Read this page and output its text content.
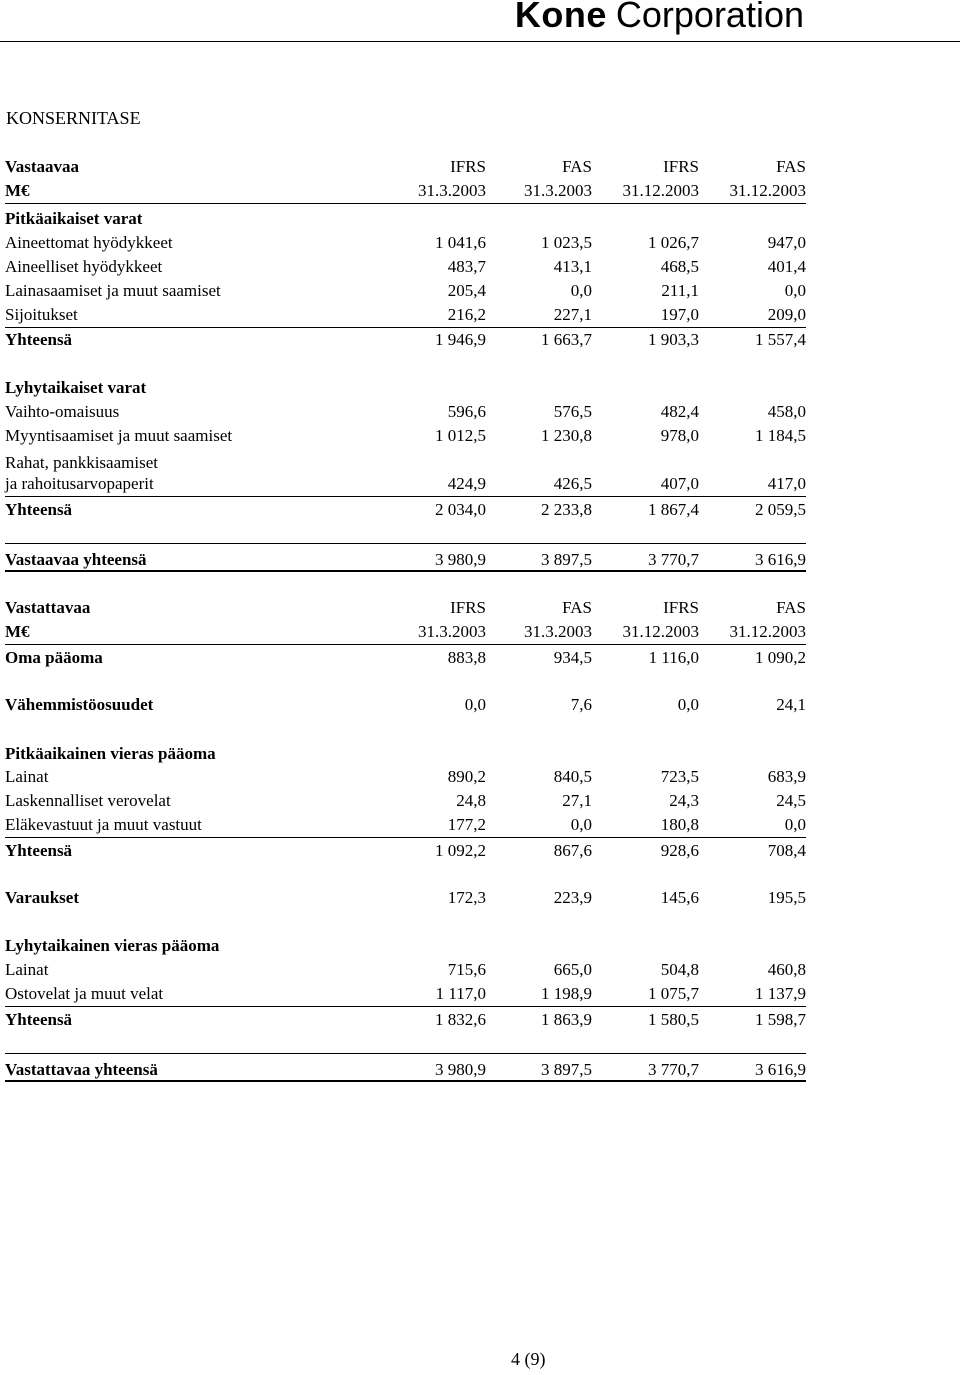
Kone Corporation
KONSERNITASE
Vastaavaa	IFRS	FAS	IFRS	FAS
M€	31.3.2003 31.3.2003 31.12.2003 31.12.2003
Pitkäaikaiset varat
Aineettomat hyödykkeet	1 041,6	1 023,5	1 026,7	947,0
Aineelliset hyödykkeet	483,7	413,1	468,5	401,4
Lainasaamiset ja muut saamiset	205,4	0,0	211,1	0,0
Sijoitukset	216,2	227,1	197,0	209,0
Yhteensä	1 946,9	1 663,7	1 903,3	1 557,4
Lyhytaikaiset varat
Vaihto-omaisuus	596,6	576,5	482,4	458,0
Myyntisaamiset ja muut saamiset	1 012,5	1 230,8	978,0	1 184,5
Rahat, pankkisaamiset
ja rahoitusarvopaperit	424,9	426,5	407,0	417,0
Yhteensä	2 034,0	2 233,8	1 867,4	2 059,5
Vastaavaa yhteensä	3 980,9	3 897,5	3 770,7	3 616,9
Vastattavaa	IFRS	FAS	IFRS	FAS
M€	31.3.2003 31.3.2003 31.12.2003 31.12.2003
Oma pääoma	883,8	934,5	1 116,0	1 090,2
Vähemmistöosuudet	0,0	7,6	0,0	24,1
Pitkäaikainen vieras pääoma
Lainat	890,2	840,5	723,5	683,9
Laskennalliset verovelat	24,8	27,1	24,3	24,5
Eläkevastuut ja muut vastuut	177,2	0,0	180,8	0,0
Yhteensä	1 092,2	867,6	928,6	708,4
Varaukset	172,3	223,9	145,6	195,5
Lyhytaikainen vieras pääoma
Lainat	715,6	665,0	504,8	460,8
Ostovelat ja muut velat	1 117,0	1 198,9	1 075,7	1 137,9
Yhteensä	1 832,6	1 863,9	1 580,5	1 598,7
Vastattavaa yhteensä	3 980,9	3 897,5	3 770,7	3 616,9
4 (9)
